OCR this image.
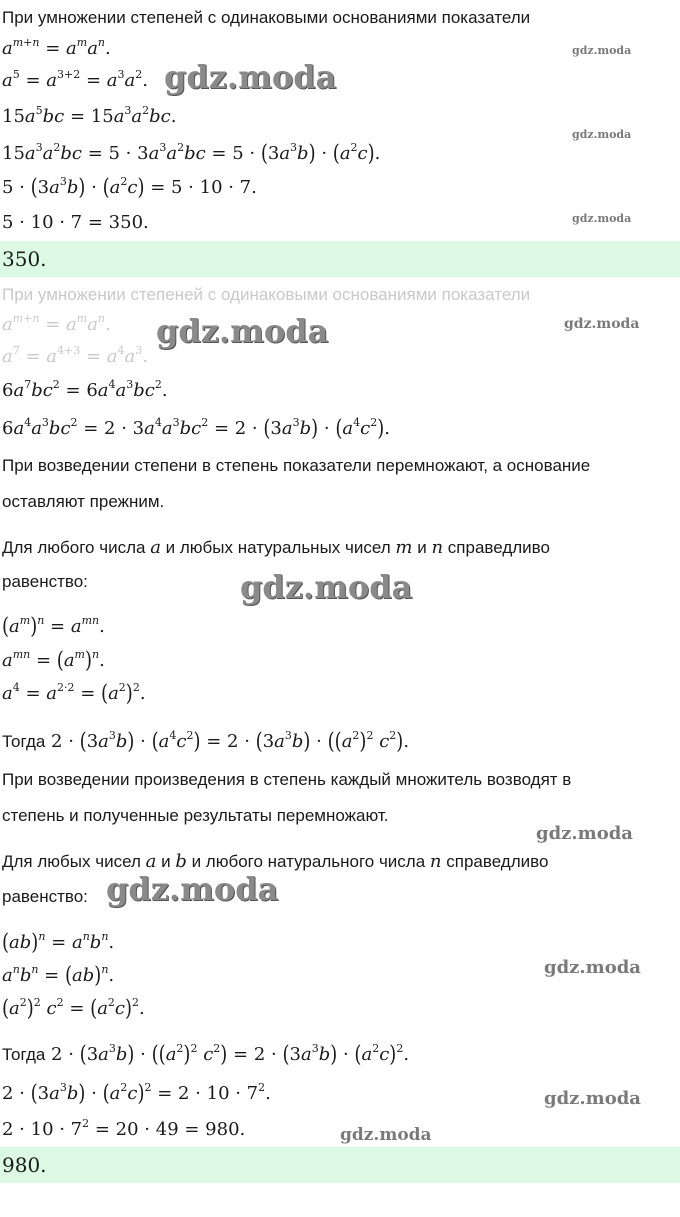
При умножении степеней с одинаковыми основаниями показатели
$a^{m+n} = a^ma^n$.
$a^5 = a^{3+2} = a^3a^2$.
$15a^5bc = 15a^3a^2bc$.
$15a^3a^2bc = 5 \cdot 3a^3a^2bc = 5 \cdot (3a^3b) \cdot (a^2c)$.
$5 \cdot (3a^3b) \cdot (a^2c) = 5 \cdot 10 \cdot 7$.
5 · 10 · 7 = 350.
350.
При умножении степеней с одинаковыми основаниями показатели
$a^{m+n} = a^ma^n$.
$a^7 = a^{4+3} = a^4a^3$.
$6a^7bc^2 = 6a^4a^3bc^2$.
$6a^4a^3bc^2 = 2 \cdot 3a^4a^3bc^2 = 2 \cdot (3a^3b) \cdot (a^4c^2)$.
При возведении степени в степень показатели перемножают, а основание
оставляют прежним.
Для любого числа a и любых натуральных чисел m и n справедливо
равенство:
$(a^m)^n = a^{mn}$.
$a^{mn} = (a^m)^n$.
$a^4 = a^{2\cdot 2} = (a^2)^2$.
Тогда $2 \cdot (3a^3b) \cdot (a^4c^2) = 2 \cdot (3a^3b) \cdot ((a^2)^2$ $c^2$).
При возведении произведения в степень каждый множитель возводят в
степень и полученные результаты перемножают.
Для любых чисел a и b и любого натурального числа n справедливо
равенство:
$(ab)^n = a^nb^n$.
$a^nb^n = (ab)^n$.
$(a^2)^2$ $c^2 = (a^2c)^2$.
Тогда $2 \cdot (3a^3b) \cdot ((a^2)^2$ $c^2) = 2 \cdot (3a^3b) \cdot (a^2c)^2$.
$2 \cdot (3a^3b) \cdot (a^2c)^2 = 2 \cdot 10 \cdot 7^2$.
$2 \cdot 10 \cdot 7^2 = 20 \cdot 49 = 980$.
980.
gdz.moda
gdz.moda
gdz.moda
gdz.moda
gdz.moda	gdz.moda
gdz.moda
gdz.moda
gdz.moda
gdz.moda
gdz.moda
gdz.moda
